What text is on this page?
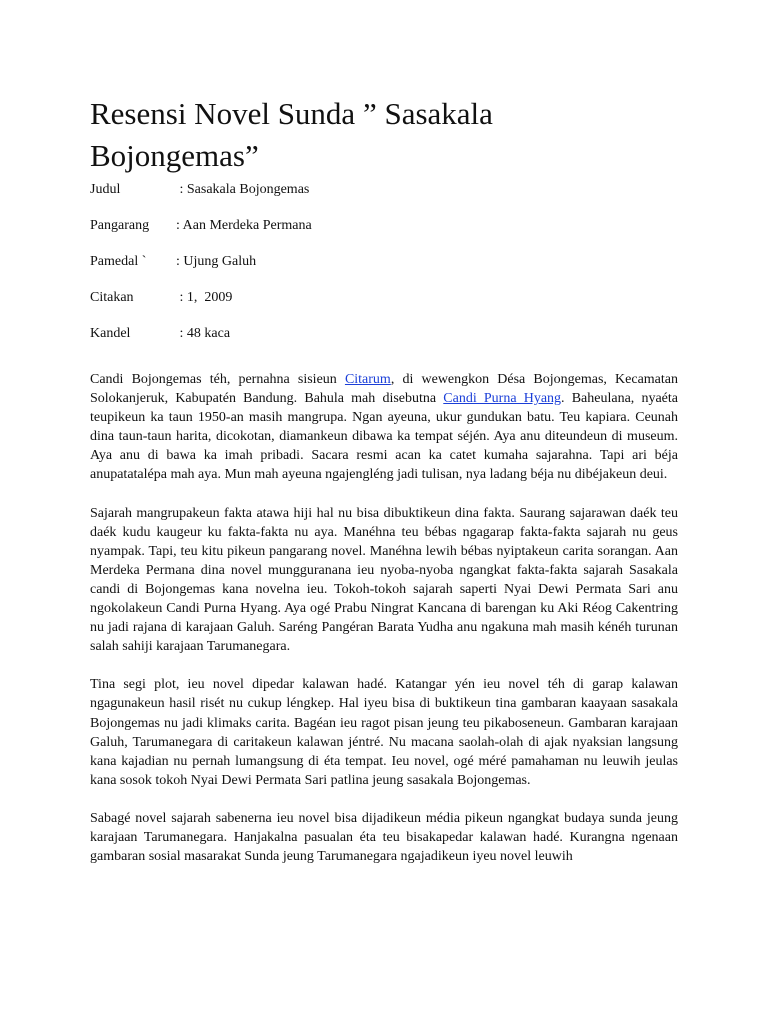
Resensi Novel Sunda ” Sasakala
Bojongemas”
Judul	: Sasakala Bojongemas
Pangarang : Aan Merdeka Permana
Pamedal ` : Ujung Galuh
Citakan	: 1,  2009
Kandel	: 48 kaca

Candi Bojongemas téh, pernahna sisieun Citarum, di wewengkon Désa Bojongemas, Kecamatan Solokanjeruk, Kabupatén Bandung. Bahula mah disebutna Candi Purna Hyang. Baheulana, nyaéta teupikeun ka taun 1950-an masih mangrupa. Ngan ayeuna, ukur gundukan batu. Teu kapiara. Ceunah dina taun-taun harita, dicokotan, diamankeun dibawa ka tempat séjén. Aya anu diteundeun di museum. Aya anu di bawa ka imah pribadi. Sacara resmi acan ka catet kumaha sajarahna. Tapi ari béja anupatatalépa mah aya. Mun mah ayeuna ngajengléng jadi tulisan, nya ladang béja nu dibéjakeun deui.

Sajarah mangrupakeun fakta atawa hiji hal nu bisa dibuktikeun dina fakta. Saurang sajarawan daék teu daék kudu kaugeur ku fakta-fakta nu aya. Manéhna teu bébas ngagarap fakta-fakta sajarah nu geus nyampak. Tapi, teu kitu pikeun pangarang novel. Manéhna lewih bébas nyiptakeun carita sorangan. Aan Merdeka Permana dina novel mungguranana ieu nyoba-nyoba ngangkat fakta-fakta sajarah Sasakala candi di Bojongemas kana novelna ieu. Tokoh-tokoh sajarah saperti Nyai Dewi Permata Sari anu ngokolakeun Candi Purna Hyang. Aya ogé Prabu Ningrat Kancana di barengan ku Aki Réog Cakentring nu jadi rajana di karajaan Galuh. Saréng Pangéran Barata Yudha anu ngakuna mah masih kénéh turunan salah sahiji karajaan Tarumanegara.

Tina segi plot, ieu novel dipedar kalawan hadé. Katangar yén ieu novel téh di garap kalawan ngagunakeun hasil risét nu cukup léngkep. Hal iyeu bisa di buktikeun tina gambaran kaayaan sasakala Bojongemas nu jadi klimaks carita. Bagéan ieu ragot pisan jeung teu pikaboseneun. Gambaran karajaan Galuh, Tarumanegara di caritakeun kalawan jéntré. Nu macana saolah-olah di ajak nyaksian langsung kana kajadian nu pernah lumangsung di éta tempat. Ieu novel, ogé méré pamahaman nu leuwih jeulas kana sosok tokoh Nyai Dewi Permata Sari patlina jeung sasakala Bojongemas.

Sabagé novel sajarah sabenerna ieu novel bisa dijadikeun média pikeun ngangkat budaya sunda jeung karajaan Tarumanegara. Hanjakalna pasualan éta teu bisakapedar kalawan hadé. Kurangna ngenaan gambaran sosial masarakat Sunda jeung Tarumanegara ngajadikeun iyeu novel leuwih
